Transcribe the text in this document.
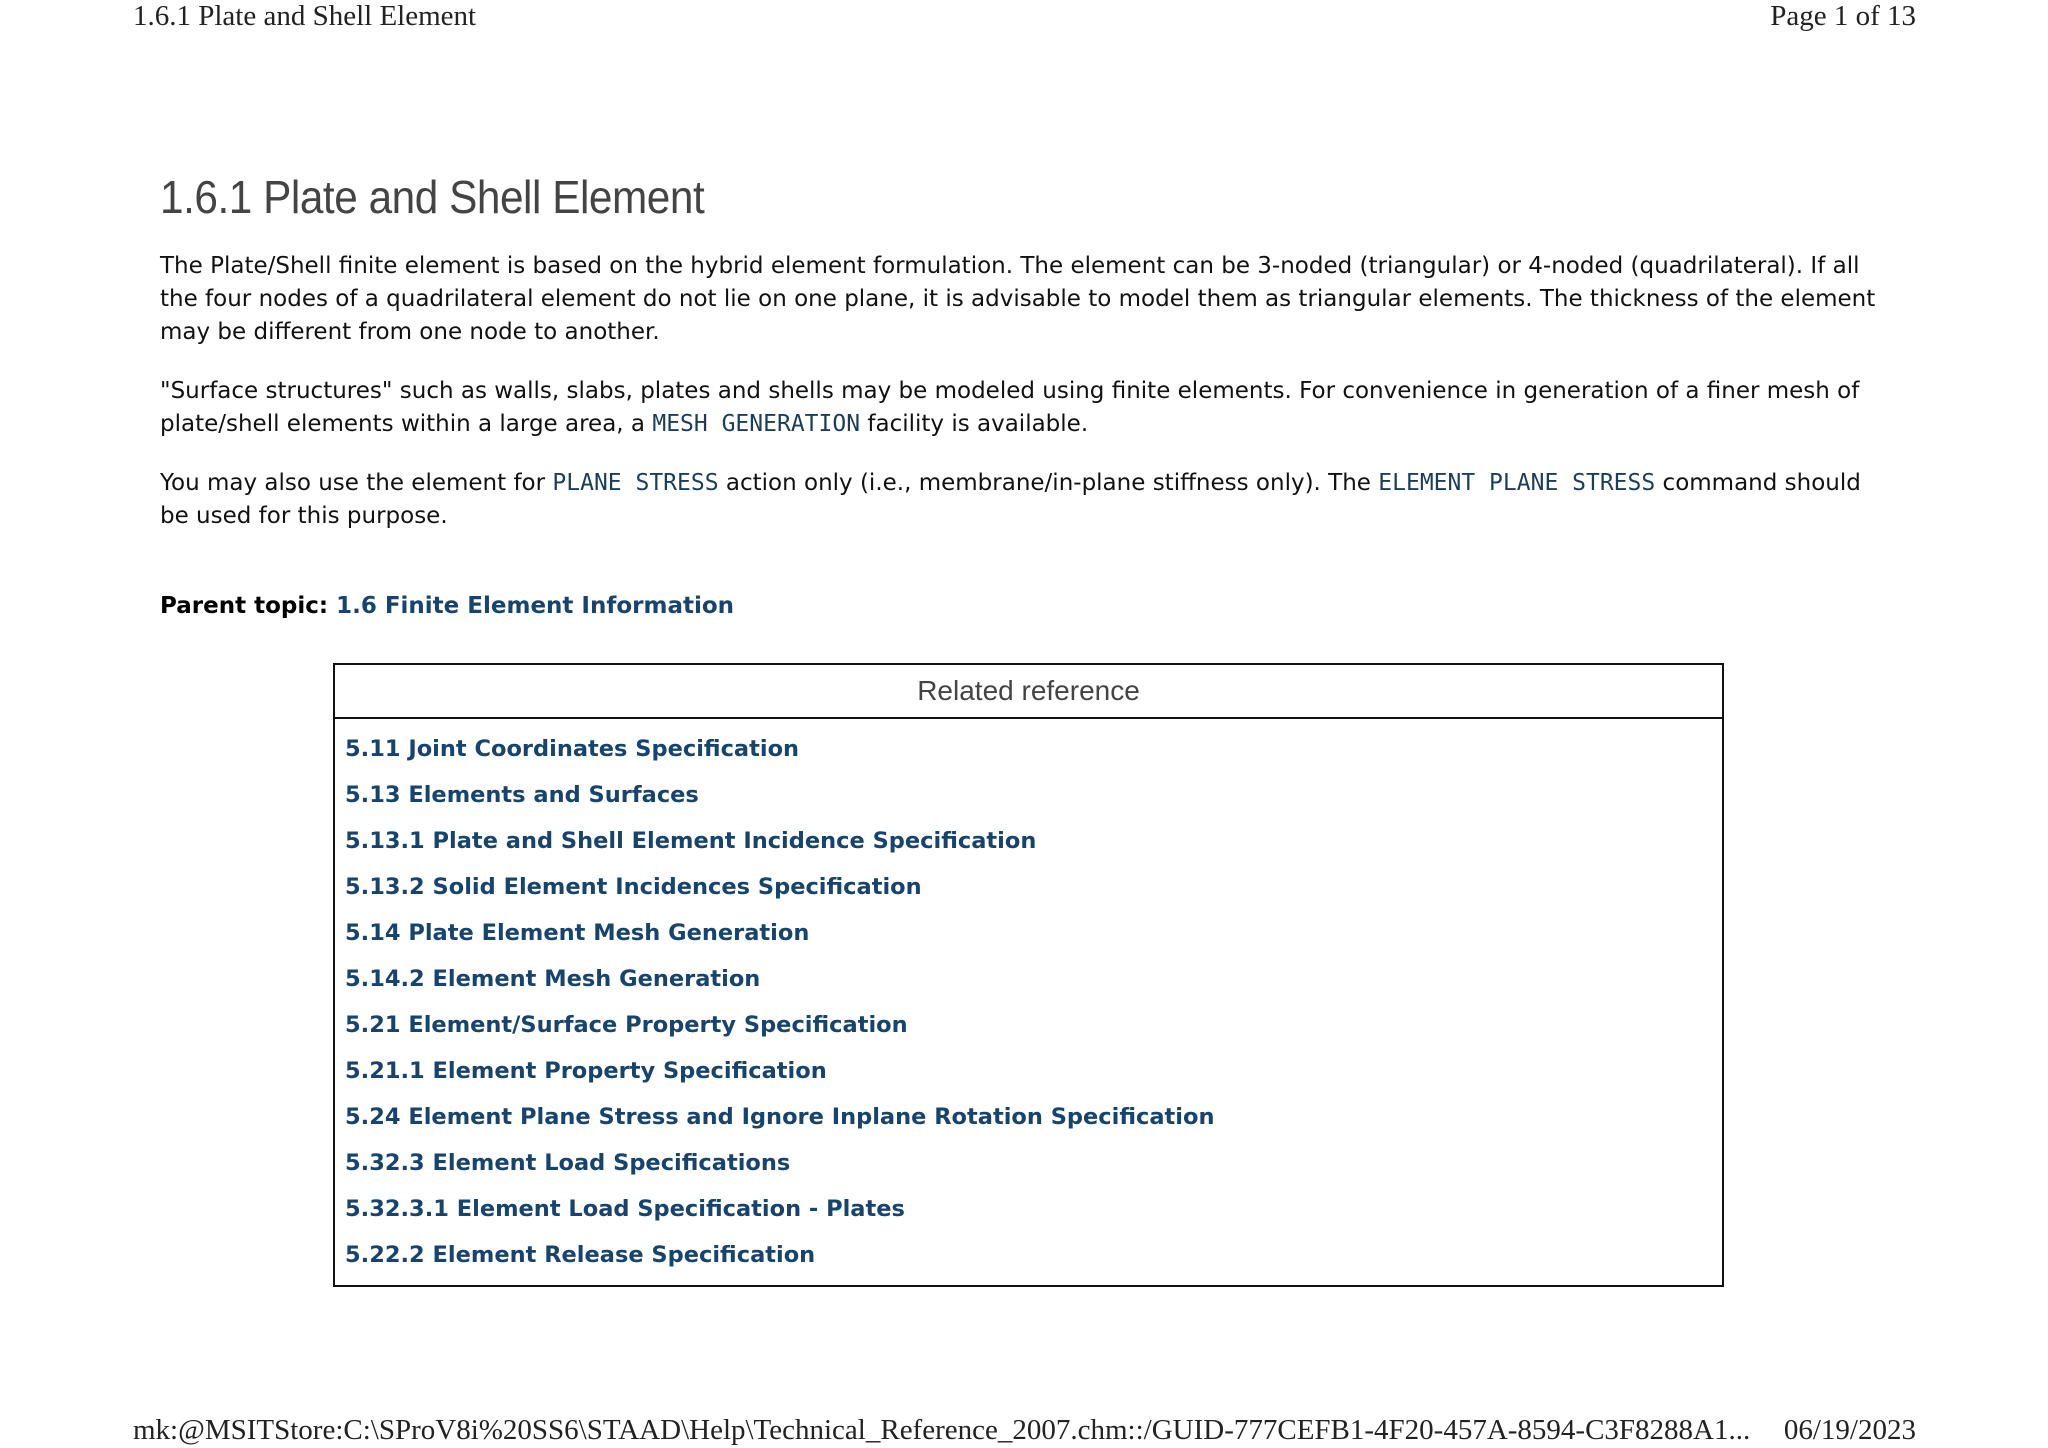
1.6.1 Plate and Shell Element	Page 1 of 13
1.6.1 Plate and Shell Element

The Plate/Shell finite element is based on the hybrid element formulation. The element can be 3-noded (triangular) or 4-noded (quadrilateral). If all the four nodes of a quadrilateral element do not lie on one plane, it is advisable to model them as triangular elements. The thickness of the element may be different from one node to another.

"Surface structures" such as walls, slabs, plates and shells may be modeled using finite elements. For convenience in generation of a finer mesh of plate/shell elements within a large area, a MESH GENERATION facility is available.

You may also use the element for PLANE STRESS action only (i.e., membrane/in-plane stiffness only). The ELEMENT PLANE STRESS command should be used for this purpose.

Parent topic: 1.6 Finite Element Information
Related reference
5.11 Joint Coordinates Specification
5.13 Elements and Surfaces
5.13.1 Plate and Shell Element Incidence Specification
5.13.2 Solid Element Incidences Specification
5.14 Plate Element Mesh Generation
5.14.2 Element Mesh Generation
5.21 Element/Surface Property Specification
5.21.1 Element Property Specification
5.24 Element Plane Stress and Ignore Inplane Rotation Specification
5.32.3 Element Load Specifications
5.32.3.1 Element Load Specification - Plates
5.22.2 Element Release Specification
mk:@MSITStore:C:\SProV8i%20SS6\STAAD\Help\Technical_Reference_2007.chm::/GUID-777CEFB1-4F20-457A-8594-C3F8288A1... 06/19/2023
